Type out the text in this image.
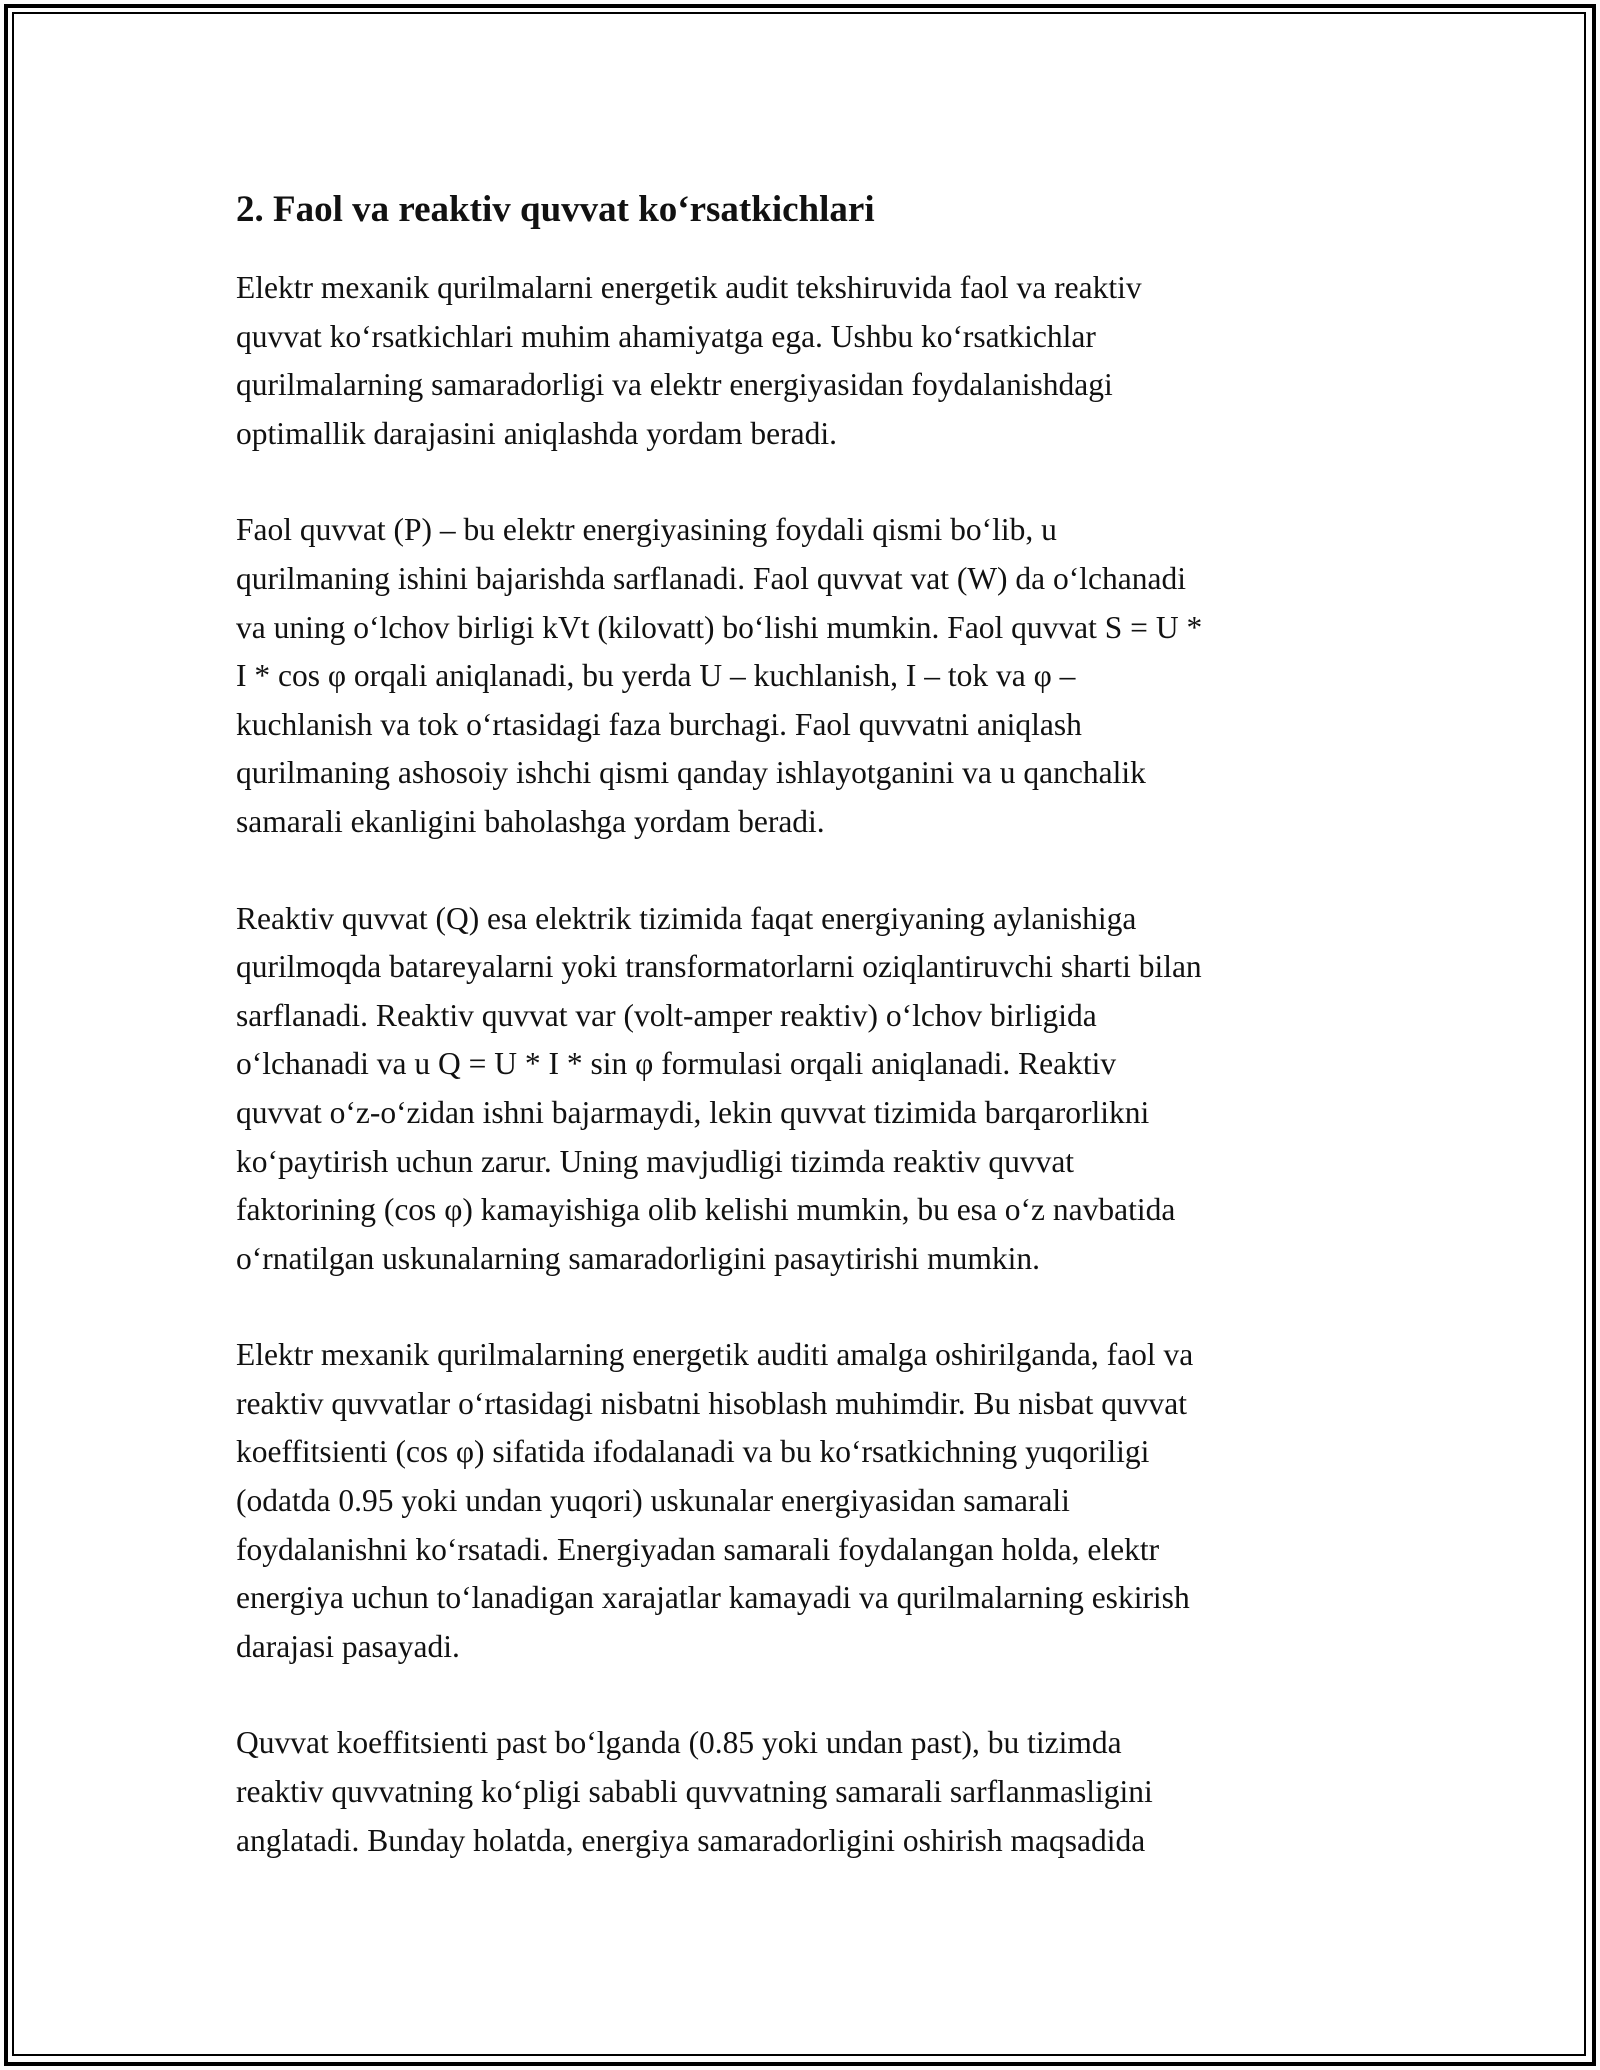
2. Faol va reaktiv quvvat ko‘rsatkichlari

Elektr mexanik qurilmalarni energetik audit tekshiruvida faol va reaktiv
quvvat ko‘rsatkichlari muhim ahamiyatga ega. Ushbu ko‘rsatkichlar
qurilmalarning samaradorligi va elektr energiyasidan foydalanishdagi
optimallik darajasini aniqlashda yordam beradi.

Faol quvvat (P) – bu elektr energiyasining foydali qismi bo‘lib, u
qurilmaning ishini bajarishda sarflanadi. Faol quvvat vat (W) da o‘lchanadi
va uning o‘lchov birligi kVt (kilovatt) bo‘lishi mumkin. Faol quvvat S = U *
I * cos φ orqali aniqlanadi, bu yerda U – kuchlanish, I – tok va φ –
kuchlanish va tok o‘rtasidagi faza burchagi. Faol quvvatni aniqlash
qurilmaning ashosoiy ishchi qismi qanday ishlayotganini va u qanchalik
samarali ekanligini baholashga yordam beradi.

Reaktiv quvvat (Q) esa elektrik tizimida faqat energiyaning aylanishiga
qurilmoqda batareyalarni yoki transformatorlarni oziqlantiruvchi sharti bilan
sarflanadi. Reaktiv quvvat var (volt-amper reaktiv) o‘lchov birligida
o‘lchanadi va u Q = U * I * sin φ formulasi orqali aniqlanadi. Reaktiv
quvvat o‘z-o‘zidan ishni bajarmaydi, lekin quvvat tizimida barqarorlikni
ko‘paytirish uchun zarur. Uning mavjudligi tizimda reaktiv quvvat
faktorining (cos φ) kamayishiga olib kelishi mumkin, bu esa o‘z navbatida
o‘rnatilgan uskunalarning samaradorligini pasaytirishi mumkin.

Elektr mexanik qurilmalarning energetik auditi amalga oshirilganda, faol va
reaktiv quvvatlar o‘rtasidagi nisbatni hisoblash muhimdir. Bu nisbat quvvat
koeffitsienti (cos φ) sifatida ifodalanadi va bu ko‘rsatkichning yuqoriligi
(odatda 0.95 yoki undan yuqori) uskunalar energiyasidan samarali
foydalanishni ko‘rsatadi. Energiyadan samarali foydalangan holda, elektr
energiya uchun to‘lanadigan xarajatlar kamayadi va qurilmalarning eskirish
darajasi pasayadi.

Quvvat koeffitsienti past bo‘lganda (0.85 yoki undan past), bu tizimda
reaktiv quvvatning ko‘pligi sababli quvvatning samarali sarflanmasligini
anglatadi. Bunday holatda, energiya samaradorligini oshirish maqsadida
